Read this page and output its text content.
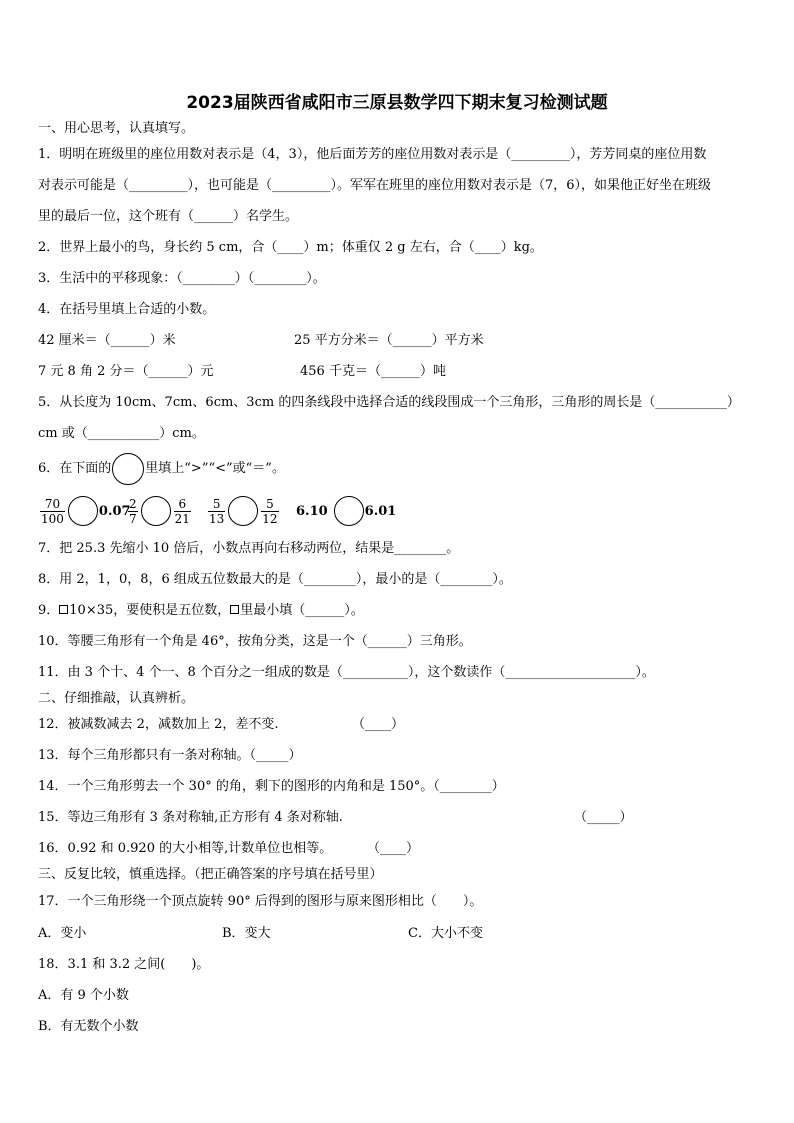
2023届陕西省咸阳市三原县数学四下期末复习检测试题
一、用心思考，认真填写。
1．明明在班级里的座位用数对表示是（4，3），他后面芳芳的座位用数对表示是（_________），芳芳同桌的座位用数
对表示可能是（_________），也可能是（_________）。军军在班里的座位用数对表示是（7，6），如果他正好坐在班级
里的最后一位，这个班有（______）名学生。
2．世界上最小的鸟，身长约 5 cm，合（____）m；体重仅 2 g 左右，合（____）kg。
3．生活中的平移现象：（________）（________）。
4．在括号里填上合适的小数。
42 厘米＝（______）米	25 平方分米＝（______）平方米
7 元 8 角 2 分＝（______）元	456 千克＝（______）吨
5．从长度为 10cm、7cm、6cm、3cm 的四条线段中选择合适的线段围成一个三角形，三角形的周长是（___________）
cm 或（___________）cm。
6．在下面的	里填上“>”“<”或“＝”。
$\frac{70}{100}$	0.07
$\frac{2}{7}$	$\frac{6}{21} \frac{5}{13}$	$\frac{5}{12} 6.10$	6.01
7．把 25.3 先缩小 10 倍后，小数点再向右移动两位，结果是________。
8．用 2，1，0，8，6 组成五位数最大的是（________），最小的是（________）。
9． 10×35，要使积是五位数， 里最小填（______）。
10．等腰三角形有一个角是 46°，按角分类，这是一个（______）三角形。
11．由 3 个十、4 个一、8 个百分之一组成的数是（__________），这个数读作（____________________）。
二、仔细推敲，认真辨析。
12．被减数减去 2，减数加上 2，差不变.	（____）
13．每个三角形都只有一条对称轴。（_____）
14．一个三角形剪去一个 30° 的角，剩下的图形的内角和是 150°。（________）
15．等边三角形有 3 条对称轴,正方形有 4 条对称轴.	（_____）
16．0.92 和 0.920 的大小相等,计数单位也相等。	（____）
三、反复比较，慎重选择。（把正确答案的序号填在括号里）
17．一个三角形绕一个顶点旋转 90° 后得到的图形与原来图形相比（　　）。
A．变小	B．变大	C．大小不变
18．3.1 和 3.2 之间(　　)。
A．有 9 个小数
B．有无数个小数
